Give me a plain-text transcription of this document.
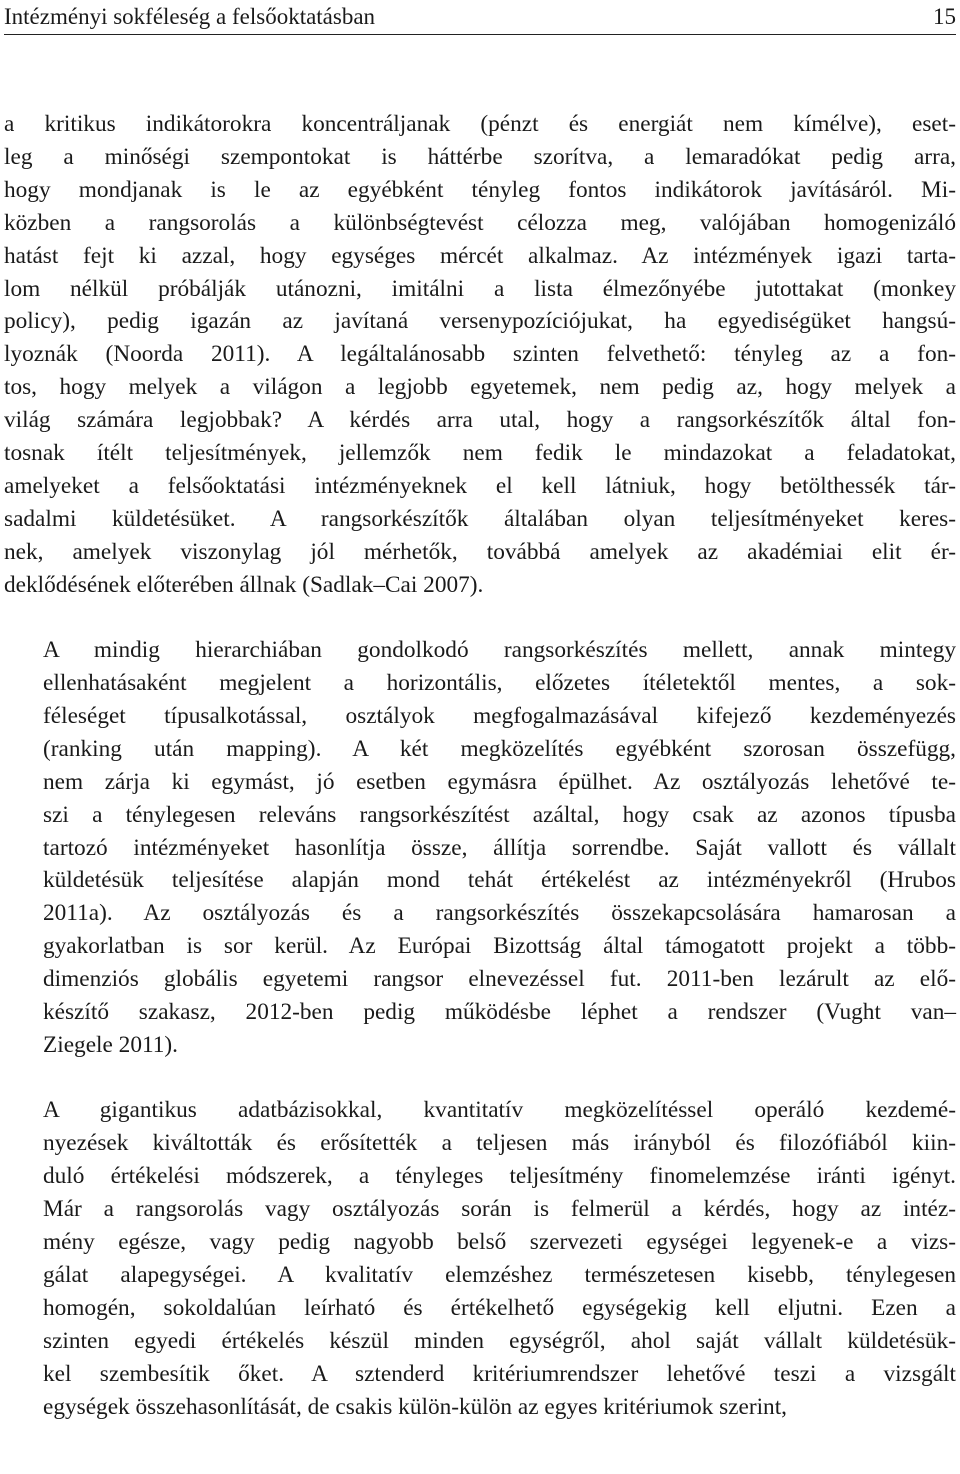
Intézményi sokféleség a felsőoktatásban	15

a kritikus indikátorokra koncentráljanak (pénzt és energiát nem kímélve), eset-
leg a minőségi szempontokat is háttérbe szorítva, a lemaradókat pedig arra,
hogy mondjanak is le az egyébként tényleg fontos indikátorok javításáról. Mi-
közben a rangsorolás a különbségtevést célozza meg, valójában homogenizáló
hatást fejt ki azzal, hogy egységes mércét alkalmaz. Az intézmények igazi tarta-
lom nélkül próbálják utánozni, imitálni a lista élmezőnyébe jutottakat (monkey
policy), pedig igazán az javítaná versenypozíciójukat, ha egyediségüket hangsú-
lyoznák (Noorda 2011). A legáltalánosabb szinten felvethető: tényleg az a fon-
tos, hogy melyek a világon a legjobb egyetemek, nem pedig az, hogy melyek a
világ számára legjobbak? A kérdés arra utal, hogy a rangsorkészítők által fon-
tosnak ítélt teljesítmények, jellemzők nem fedik le mindazokat a feladatokat,
amelyeket a felsőoktatási intézményeknek el kell látniuk, hogy betölthessék tár-
sadalmi küldetésüket. A rangsorkészítők általában olyan teljesítményeket keres-
nek, amelyek viszonylag jól mérhetők, továbbá amelyek az akadémiai elit ér-
deklődésének előterében állnak (Sadlak–Cai 2007).

A mindig hierarchiában gondolkodó rangsorkészítés mellett, annak mintegy
ellenhatásaként megjelent a horizontális, előzetes ítéletektől mentes, a sok-
féleséget típusalkotással, osztályok megfogalmazásával kifejező kezdeményezés
(ranking után mapping). A két megközelítés egyébként szorosan összefügg,
nem zárja ki egymást, jó esetben egymásra épülhet. Az osztályozás lehetővé te-
szi a ténylegesen releváns rangsorkészítést azáltal, hogy csak az azonos típusba
tartozó intézményeket hasonlítja össze, állítja sorrendbe. Saját vallott és vállalt
küldetésük teljesítése alapján mond tehát értékelést az intézményekről (Hrubos
2011a). Az osztályozás és a rangsorkészítés összekapcsolására hamarosan a
gyakorlatban is sor kerül. Az Európai Bizottság által támogatott projekt a több-
dimenziós globális egyetemi rangsor elnevezéssel fut. 2011-ben lezárult az elő-
készítő szakasz, 2012-ben pedig működésbe léphet a rendszer (Vught van–
Ziegele 2011).

A gigantikus adatbázisokkal, kvantitatív megközelítéssel operáló kezdemé-
nyezések kiváltották és erősítették a teljesen más irányból és filozófiából kiin-
duló értékelési módszerek, a tényleges teljesítmény finomelemzése iránti igényt.
Már a rangsorolás vagy osztályozás során is felmerül a kérdés, hogy az intéz-
mény egésze, vagy pedig nagyobb belső szervezeti egységei legyenek-e a vizs-
gálat alapegységei. A kvalitatív elemzéshez természetesen kisebb, ténylegesen
homogén, sokoldalúan leírható és értékelhető egységekig kell eljutni. Ezen a
szinten egyedi értékelés készül minden egységről, ahol saját vállalt küldetésük-
kel szembesítik őket. A sztenderd kritériumrendszer lehetővé teszi a vizsgált
egységek összehasonlítását, de csakis külön-külön az egyes kritériumok szerint,
